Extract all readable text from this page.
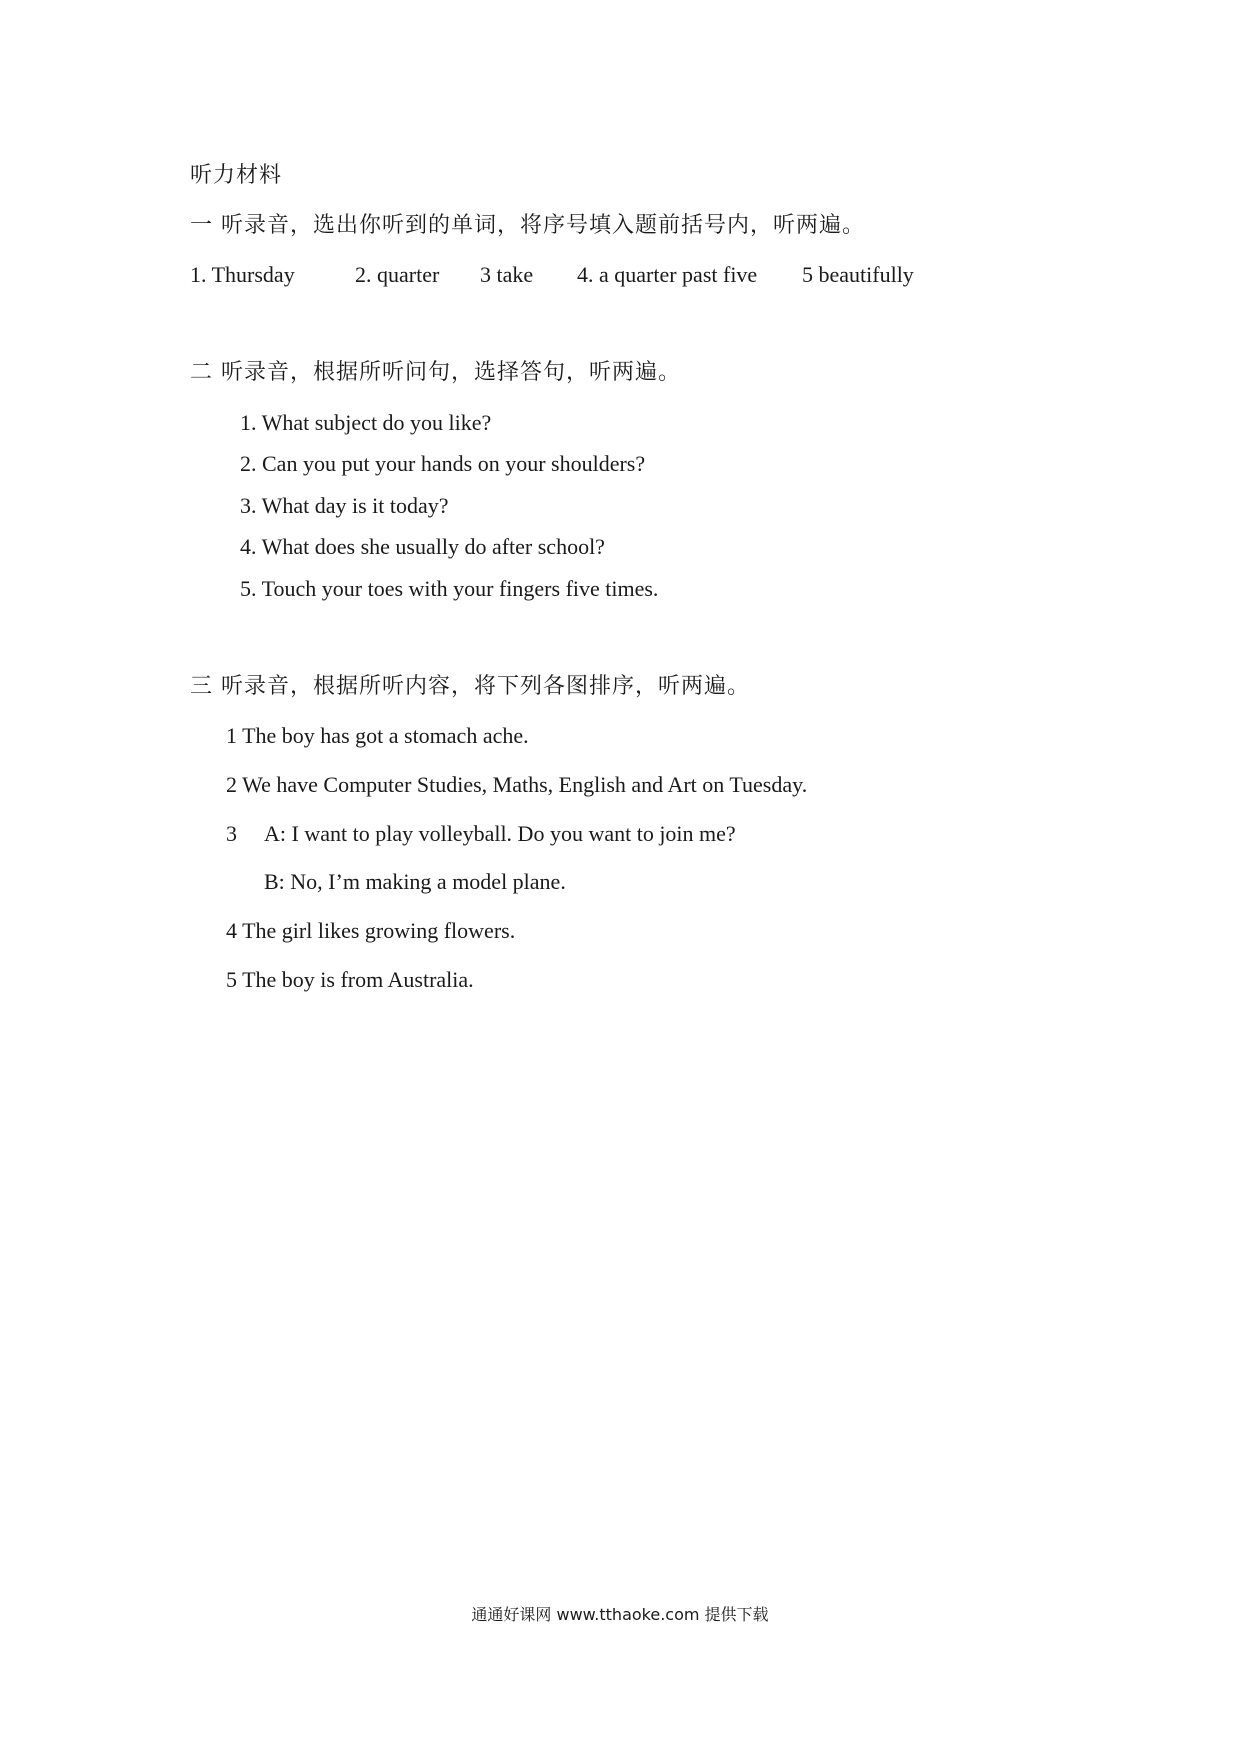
听力材料
一 听录音，选出你听到的单词，将序号填入题前括号内，听两遍。
1. Thursday	2. quarter 3 take 4. a quarter past five 5 beautifully
二 听录音，根据所听问句，选择答句，听两遍。
1. What subject do you like?
2. Can you put your hands on your shoulders?
3. What day is it today?
4. What does she usually do after school?
5. Touch your toes with your fingers five times.
三 听录音，根据所听内容，将下列各图排序，听两遍。
1 The boy has got a stomach ache.
2 We have Computer Studies, Maths, English and Art on Tuesday.
3 A: I want to play volleyball. Do you want to join me?
B: No, I’m making a model plane.
4 The girl likes growing flowers.
5 The boy is from Australia.
通通好课网 www.tthaoke.com 提供下载
